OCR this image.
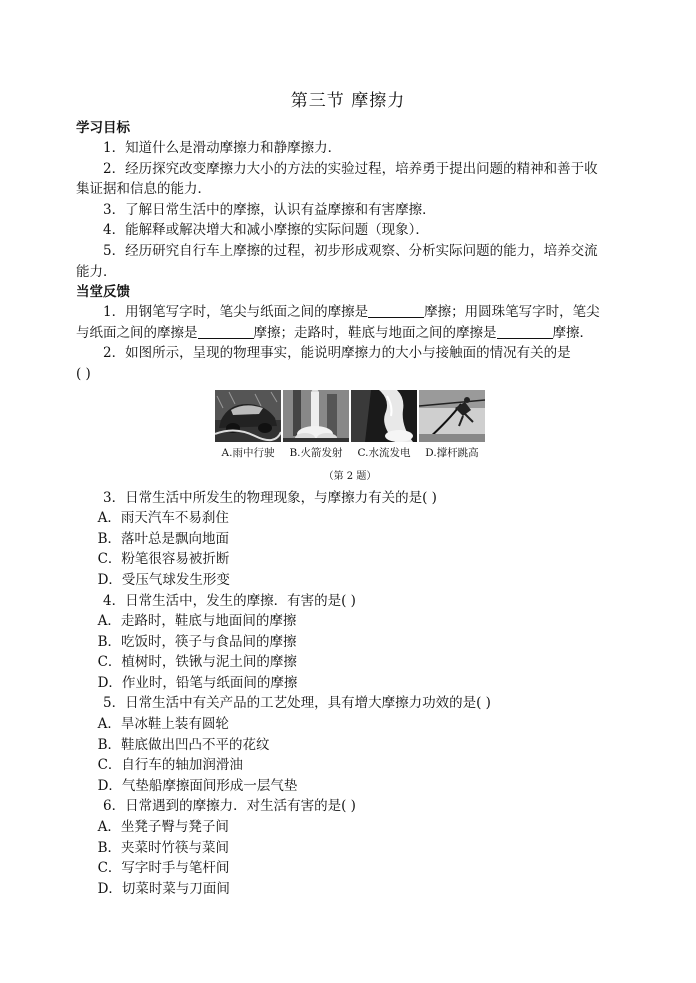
第三节 摩擦力
学习目标
1．知道什么是滑动摩擦力和静摩擦力．
2．经历探究改变摩擦力大小的方法的实验过程，培养勇于提出问题的精神和善于收
集证据和信息的能力．
3．了解日常生活中的摩擦，认识有益摩擦和有害摩擦．
4．能解释或解决增大和减小摩擦的实际问题（现象）．
5．经历研究自行车上摩擦的过程，初步形成观察、分析实际问题的能力，培养交流
能力．
当堂反馈
1．用钢笔写字时，笔尖与纸面之间的摩擦是	摩擦；用圆珠笔写字时，笔尖
与纸面之间的摩擦是	摩擦；走路时，鞋底与地面之间的摩擦是	摩擦．
2．如图所示，呈现的物理事实，能说明摩擦力的大小与接触面的情况有关的是
( )
A.雨中行驶	B.火箭发射	C.水流发电	D.撑杆跳高
（第 2 题）
3．日常生活中所发生的物理现象，与摩擦力有关的是( )
A．雨天汽车不易刹住
B．落叶总是飘向地面
C．粉笔很容易被折断
D．受压气球发生形变
4．日常生活中，发生的摩擦．有害的是( )
A．走路时，鞋底与地面间的摩擦
B．吃饭时，筷子与食品间的摩擦
C．植树时，铁锹与泥土间的摩擦
D．作业时，铅笔与纸面间的摩擦
5．日常生活中有关产品的工艺处理，具有增大摩擦力功效的是( )
A．旱冰鞋上装有圆轮
B．鞋底做出凹凸不平的花纹
C．自行车的轴加润滑油
D．气垫船摩擦面间形成一层气垫
6．日常遇到的摩擦力．对生活有害的是( )
A．坐凳子臀与凳子间
B．夹菜时竹筷与菜间
C．写字时手与笔杆间
D．切菜时菜与刀面间
